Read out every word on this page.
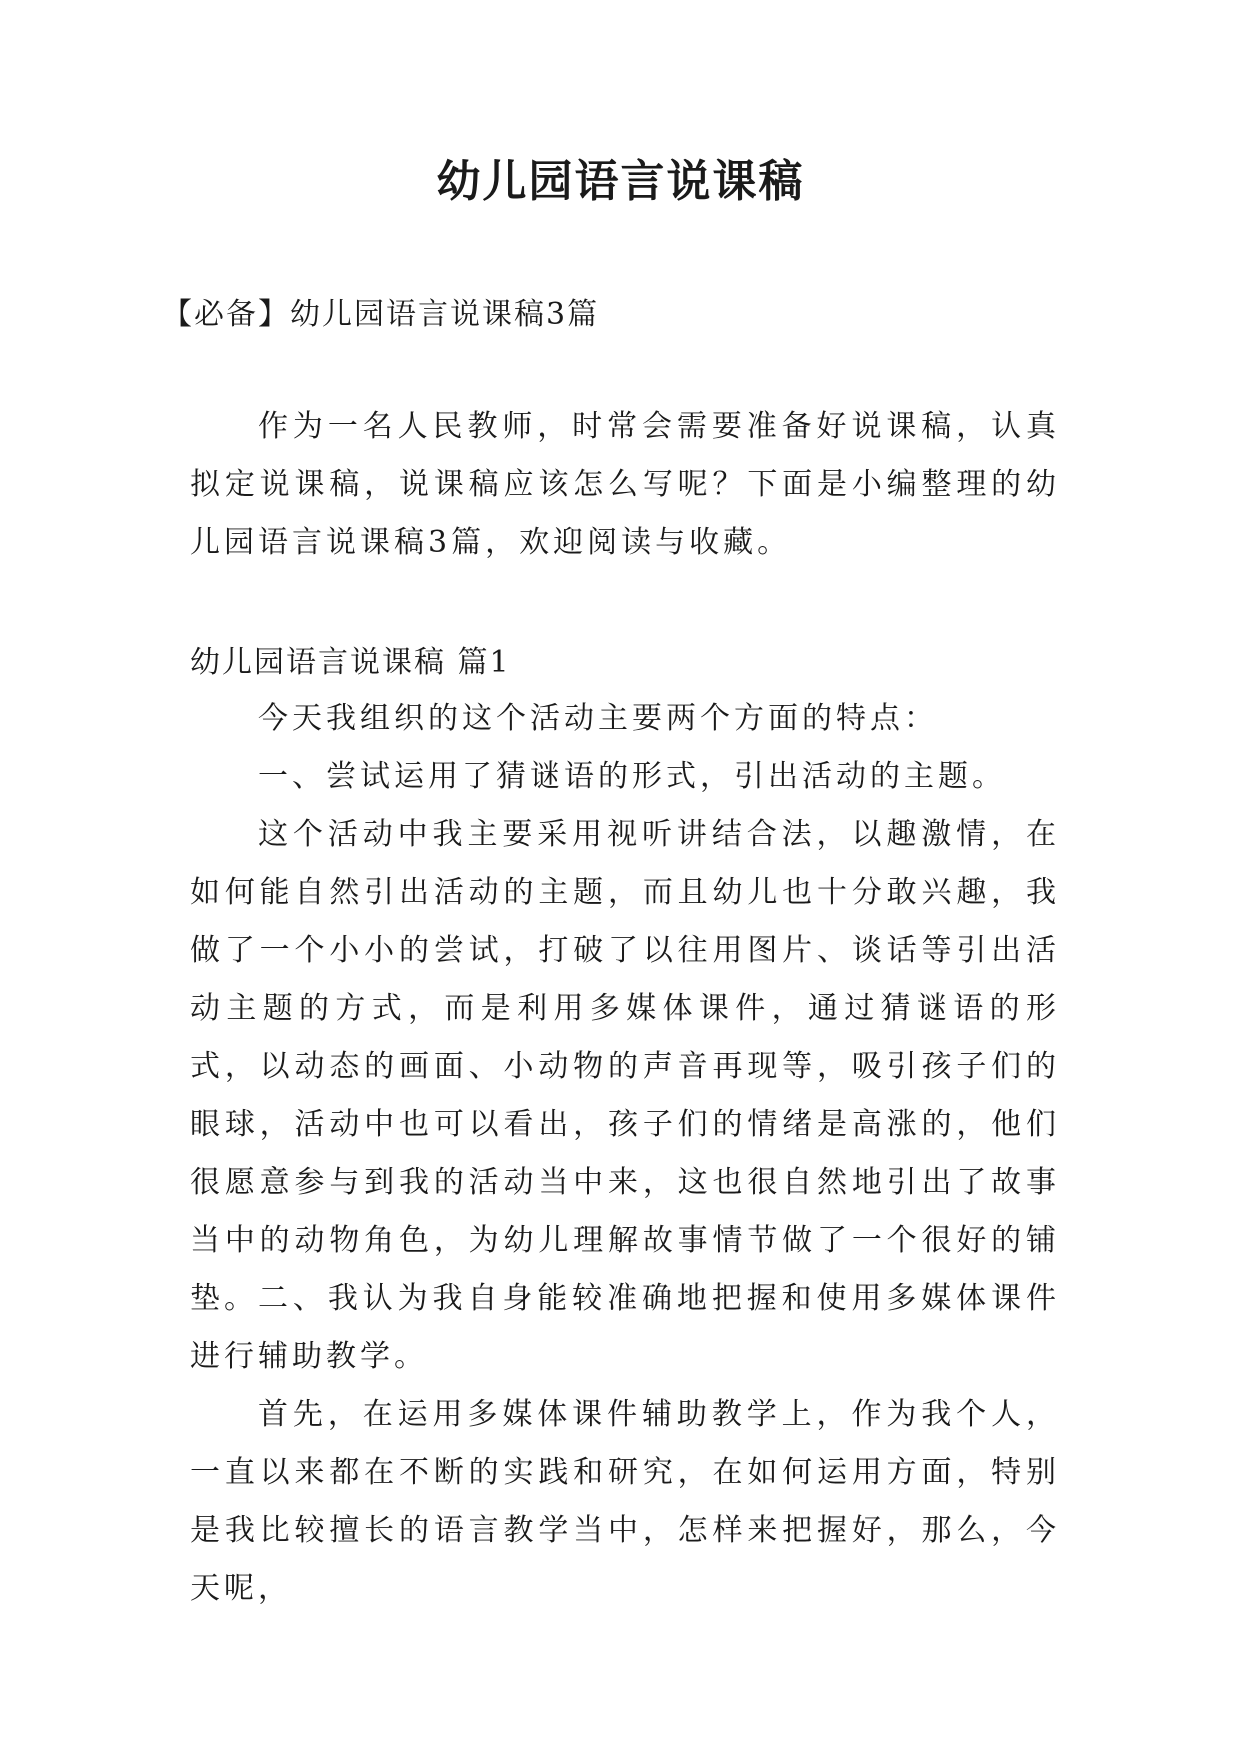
幼儿园语言说课稿
【必备】幼儿园语言说课稿3篇
作为一名人民教师，时常会需要准备好说课稿，认真拟定说课稿，说课稿应该怎么写呢？下面是小编整理的幼儿园语言说课稿3篇，欢迎阅读与收藏。
幼儿园语言说课稿 篇1
今天我组织的这个活动主要两个方面的特点：
一、尝试运用了猜谜语的形式，引出活动的主题。
这个活动中我主要采用视听讲结合法，以趣激情，在如何能自然引出活动的主题，而且幼儿也十分敢兴趣，我做了一个小小的尝试，打破了以往用图片、谈话等引出活动主题的方式，而是利用多媒体课件，通过猜谜语的形式，以动态的画面、小动物的声音再现等，吸引孩子们的眼球，活动中也可以看出，孩子们的情绪是高涨的，他们很愿意参与到我的活动当中来，这也很自然地引出了故事当中的动物角色，为幼儿理解故事情节做了一个很好的铺垫。 二、我认为我自身能较准确地把握和使用多媒体课件进行辅助教学。
首先，在运用多媒体课件辅助教学上，作为我个人，一直以来都在不断的实践和研究，在如何运用方面，特别是我比较擅长的语言教学当中，怎样来把握好，那么，今天呢，
